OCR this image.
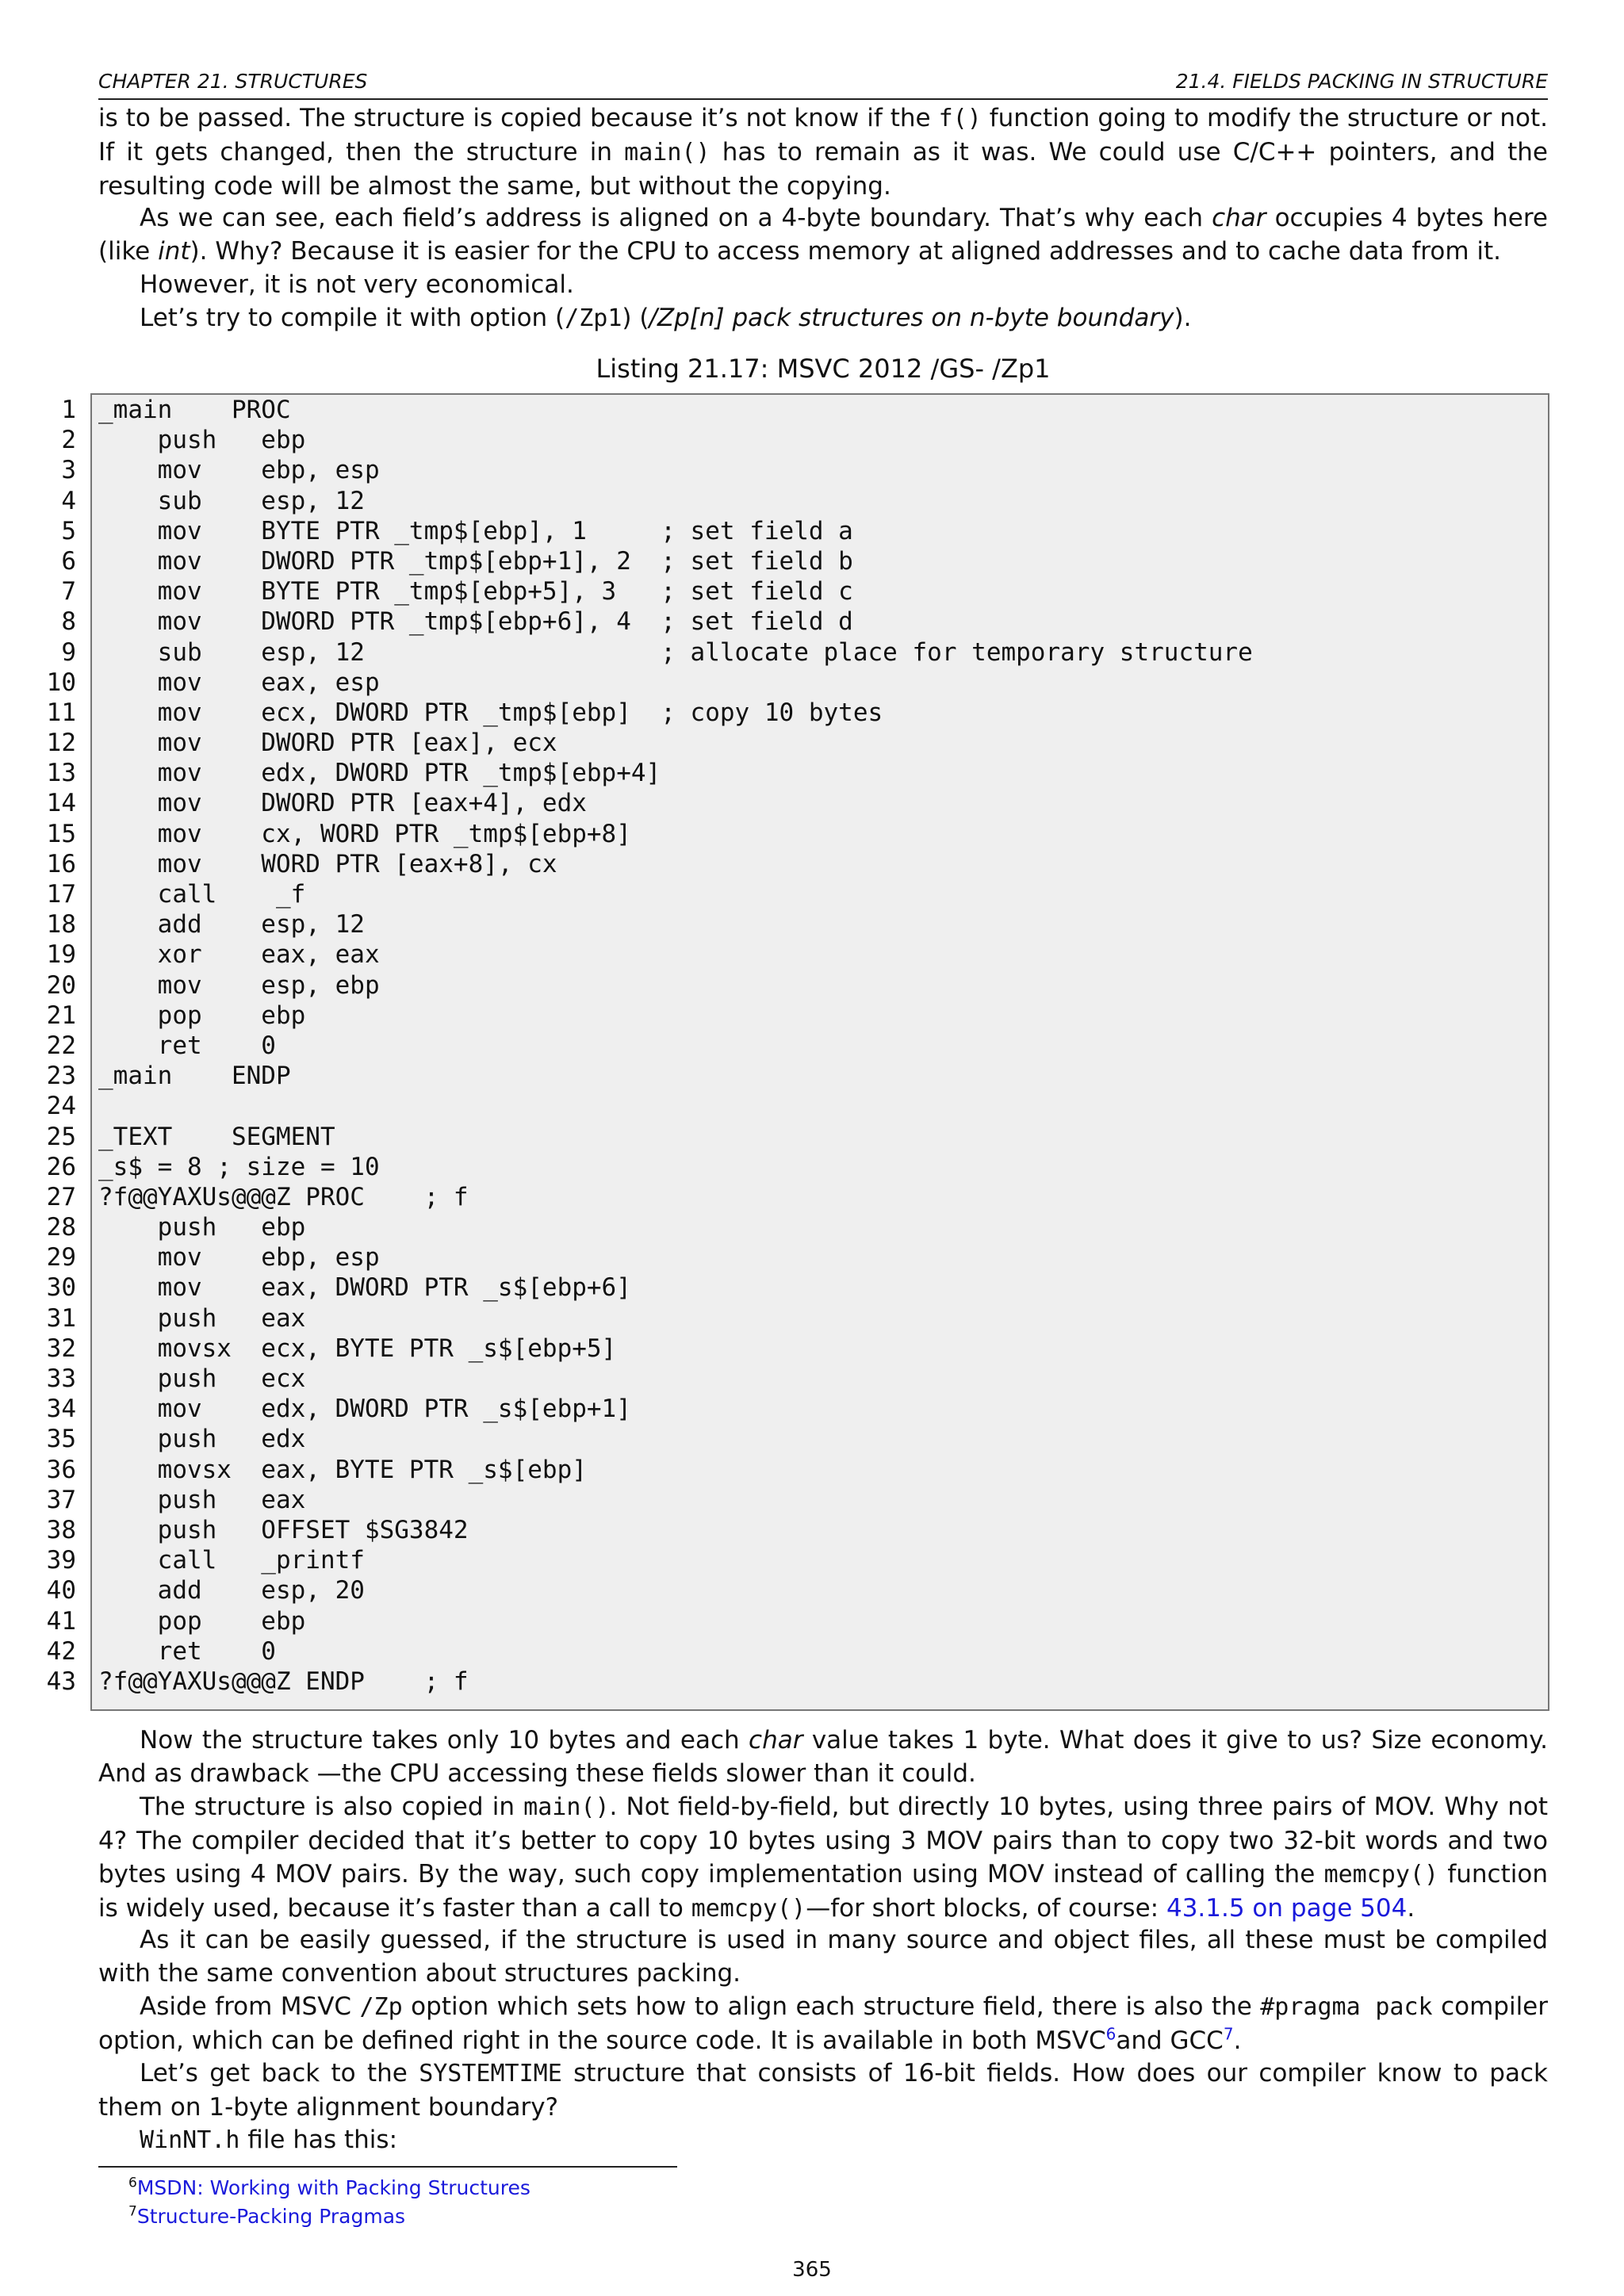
CHAPTER 21. STRUCTURES	21.4. FIELDS PACKING IN STRUCTURE

is to be passed. The structure is copied because it’s not know if the f() function going to modify the structure or not. If it gets changed, then the structure in main() has to remain as it was. We could use C/C++ pointers, and the resulting code will be almost the same, but without the copying.

As we can see, each field’s address is aligned on a 4-byte boundary. That’s why each char occupies 4 bytes here (like int). Why? Because it is easier for the CPU to access memory at aligned addresses and to cache data from it.

However, it is not very economical.

Let’s try to compile it with option (/Zp1) (/Zp[n] pack structures on n-byte boundary).

Listing 21.17: MSVC 2012 /GS- /Zp1
1
2
3
4
5
6
7
8
9
10
11
12
13
14
15
16
17
18
19
20
21
22
23
24
25
26
27
28
29
30
31
32
33
34
35
36
37
38
39
40
41
42
43
_main    PROC
push   ebp
mov    ebp, esp
sub    esp, 12
mov    BYTE PTR _tmp$[ebp], 1     ; set field a
mov    DWORD PTR _tmp$[ebp+1], 2  ; set field b
mov    BYTE PTR _tmp$[ebp+5], 3   ; set field c
mov    DWORD PTR _tmp$[ebp+6], 4  ; set field d
sub    esp, 12                    ; allocate place for temporary structure
mov    eax, esp
mov    ecx, DWORD PTR _tmp$[ebp]  ; copy 10 bytes
mov    DWORD PTR [eax], ecx
mov    edx, DWORD PTR _tmp$[ebp+4]
mov    DWORD PTR [eax+4], edx
mov    cx, WORD PTR _tmp$[ebp+8]
mov    WORD PTR [eax+8], cx
call    _f
add    esp, 12
xor    eax, eax
mov    esp, ebp
pop    ebp
ret    0
_main    ENDP
_TEXT    SEGMENT
_s$ = 8 ; size = 10
?f@@YAXUs@@@Z PROC    ; f
push   ebp
mov    ebp, esp
mov    eax, DWORD PTR _s$[ebp+6]
push   eax
movsx  ecx, BYTE PTR _s$[ebp+5]
push   ecx
mov    edx, DWORD PTR _s$[ebp+1]
push   edx
movsx  eax, BYTE PTR _s$[ebp]
push   eax
push   OFFSET $SG3842
call   _printf
add    esp, 20
pop    ebp
ret    0
?f@@YAXUs@@@Z ENDP    ; f

Now the structure takes only 10 bytes and each char value takes 1 byte. What does it give to us? Size economy. And as drawback —the CPU accessing these fields slower than it could.

The structure is also copied in main(). Not field-by-field, but directly 10 bytes, using three pairs of MOV. Why not 4? The compiler decided that it’s better to copy 10 bytes using 3 MOV pairs than to copy two 32-bit words and two bytes using 4 MOV pairs. By the way, such copy implementation using MOV instead of calling the memcpy() function is widely used, because it’s faster than a call to memcpy()—for short blocks, of course: 43.1.5 on page 504.

As it can be easily guessed, if the structure is used in many source and object files, all these must be compiled with the same convention about structures packing.

Aside from MSVC /Zp option which sets how to align each structure field, there is also the #pragma pack compiler option, which can be defined right in the source code. It is available in both MSVC$^6$and GCC$^7$.

Let’s get back to the SYSTEMTIME structure that consists of 16-bit fields. How does our compiler know to pack them on 1-byte alignment boundary?

WinNT.h file has this:

$^6$MSDN: Working with Packing Structures
$^7$Structure-Packing Pragmas
365
